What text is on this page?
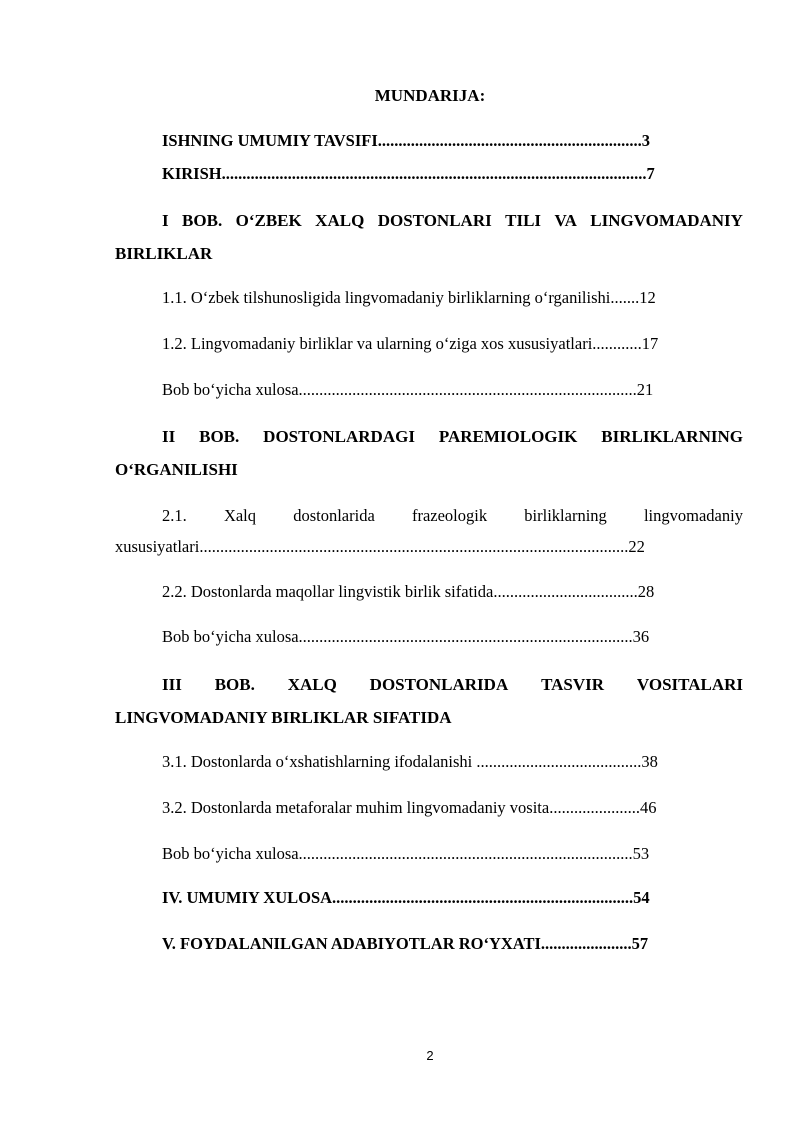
MUNDARIJA:
ISHNING UMUMIY TAVSIFI................................................................3
KIRISH.......................................................................................................7
I BOB. O‘ZBEK XALQ DOSTONLARI TILI VA LINGVOMADANIY
BIRLIKLAR
1.1. O‘zbek tilshunosligida lingvomadaniy birliklarning o‘rganilishi.......12
1.2. Lingvomadaniy birliklar va ularning o‘ziga xos xususiyatlari............17
Bob bo‘yicha xulosa..................................................................................21
II BOB. DOSTONLARDAGI PAREMIOLOGIK BIRLIKLARNING
O‘RGANILISHI
2.1. Xalq dostonlarida frazeologik birliklarning lingvomadaniy
xususiyatlari........................................................................................................22
2.2. Dostonlarda maqollar lingvistik birlik sifatida...................................28
Bob bo‘yicha xulosa.................................................................................36
III BOB. XALQ DOSTONLARIDA TASVIR VOSITALARI
LINGVOMADANIY BIRLIKLAR SIFATIDA
3.1. Dostonlarda o‘xshatishlarning ifodalanishi ........................................38
3.2. Dostonlarda metaforalar muhim lingvomadaniy vosita......................46
Bob bo‘yicha xulosa.................................................................................53
IV. UMUMIY XULOSA.........................................................................54
V. FOYDALANILGAN ADABIYOTLAR RO‘YXATI......................57
2
